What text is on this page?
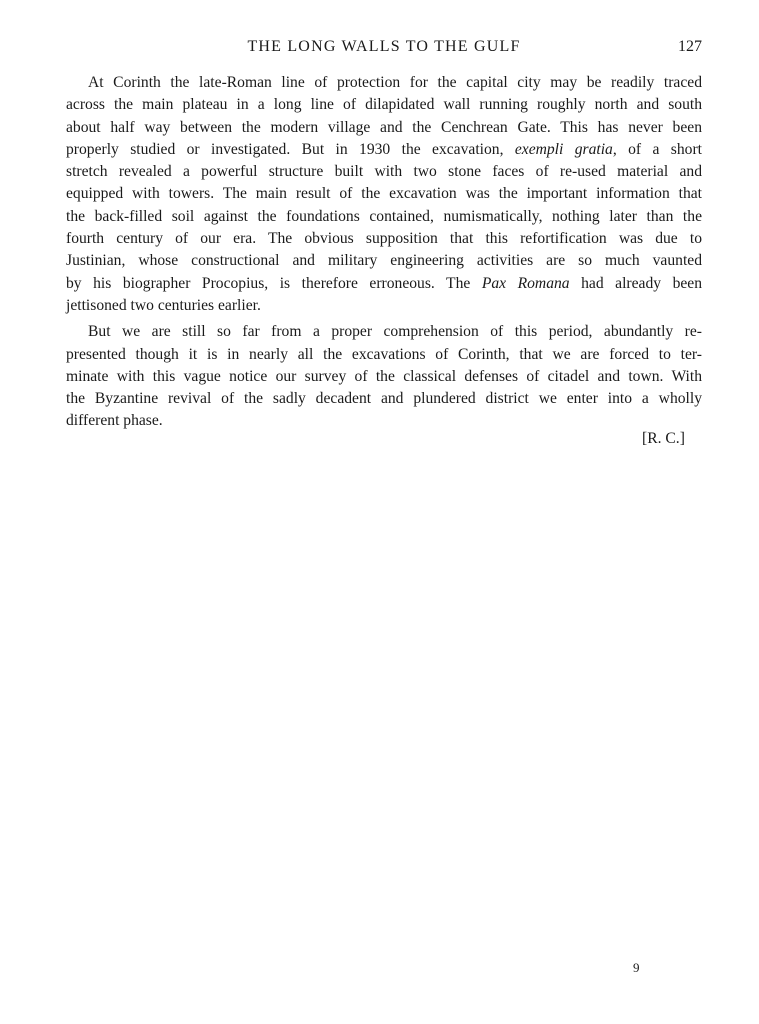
THE LONG WALLS TO THE GULF	127
At Corinth the late-Roman line of protection for the capital city may be readily traced
across the main plateau in a long line of dilapidated wall running roughly north and south
about half way between the modern village and the Cenchrean Gate. This has never been
properly studied or investigated. But in 1930 the excavation, exempli gratia, of a short
stretch revealed a powerful structure built with two stone faces of re-used material and
equipped with towers. The main result of the excavation was the important information that
the back-filled soil against the foundations contained, numismatically, nothing later than the
fourth century of our era. The obvious supposition that this refortification was due to
Justinian, whose constructional and military engineering activities are so much vaunted
by his biographer Procopius, is therefore erroneous. The Pax Romana had already been
jettisoned two centuries earlier.
But we are still so far from a proper comprehension of this period, abundantly re-
presented though it is in nearly all the excavations of Corinth, that we are forced to ter-
minate with this vague notice our survey of the classical defenses of citadel and town. With
the Byzantine revival of the sadly decadent and plundered district we enter into a wholly
different phase.
[R. C.]
9
